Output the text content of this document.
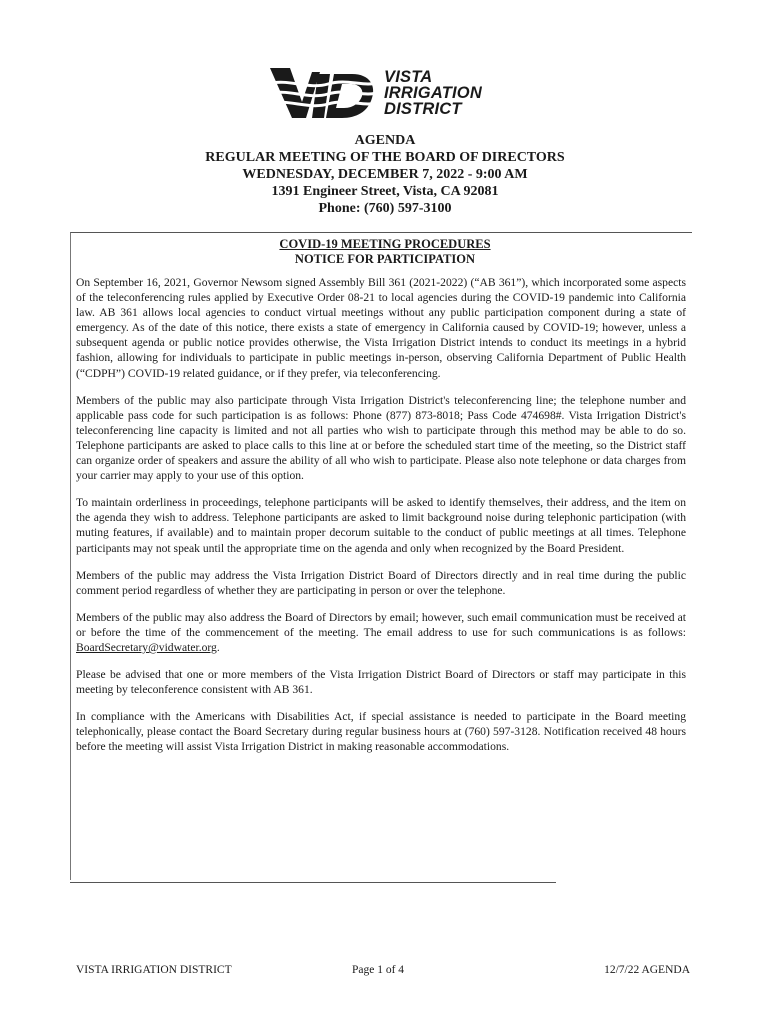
VISTA
IRRIGATION
DISTRICT
AGENDA
REGULAR MEETING OF THE BOARD OF DIRECTORS
WEDNESDAY, DECEMBER 7, 2022 - 9:00 AM
1391 Engineer Street, Vista, CA 92081
Phone: (760) 597-3100
COVID-19 MEETING PROCEDURES
NOTICE FOR PARTICIPATION

On September 16, 2021, Governor Newsom signed Assembly Bill 361 (2021-2022) (“AB 361”), which incorporated some aspects of the teleconferencing rules applied by Executive Order 08-21 to local agencies during the COVID-19 pandemic into California law. AB 361 allows local agencies to conduct virtual meetings without any public participation component during a state of emergency. As of the date of this notice, there exists a state of emergency in California caused by COVID-19; however, unless a subsequent agenda or public notice provides otherwise, the Vista Irrigation District intends to conduct its meetings in a hybrid fashion, allowing for individuals to participate in public meetings in-person, observing California Department of Public Health (“CDPH”) COVID-19 related guidance, or if they prefer, via teleconferencing.

Members of the public may also participate through Vista Irrigation District's teleconferencing line; the telephone number and applicable pass code for such participation is as follows: Phone (877) 873-8018; Pass Code 474698#. Vista Irrigation District's teleconferencing line capacity is limited and not all parties who wish to participate through this method may be able to do so. Telephone participants are asked to place calls to this line at or before the scheduled start time of the meeting, so the District staff can organize order of speakers and assure the ability of all who wish to participate. Please also note telephone or data charges from your carrier may apply to your use of this option.

To maintain orderliness in proceedings, telephone participants will be asked to identify themselves, their address, and the item on the agenda they wish to address. Telephone participants are asked to limit background noise during telephonic participation (with muting features, if available) and to maintain proper decorum suitable to the conduct of public meetings at all times. Telephone participants may not speak until the appropriate time on the agenda and only when recognized by the Board President.

Members of the public may address the Vista Irrigation District Board of Directors directly and in real time during the public comment period regardless of whether they are participating in person or over the telephone.

Members of the public may also address the Board of Directors by email; however, such email communication must be received at or before the time of the commencement of the meeting. The email address to use for such communications is as follows: BoardSecretary@vidwater.org.

Please be advised that one or more members of the Vista Irrigation District Board of Directors or staff may participate in this meeting by teleconference consistent with AB 361.

In compliance with the Americans with Disabilities Act, if special assistance is needed to participate in the Board meeting telephonically, please contact the Board Secretary during regular business hours at (760) 597-3128. Notification received 48 hours before the meeting will assist Vista Irrigation District in making reasonable accommodations.

VISTA IRRIGATION DISTRICT	Page 1 of 4	12/7/22 AGENDA
